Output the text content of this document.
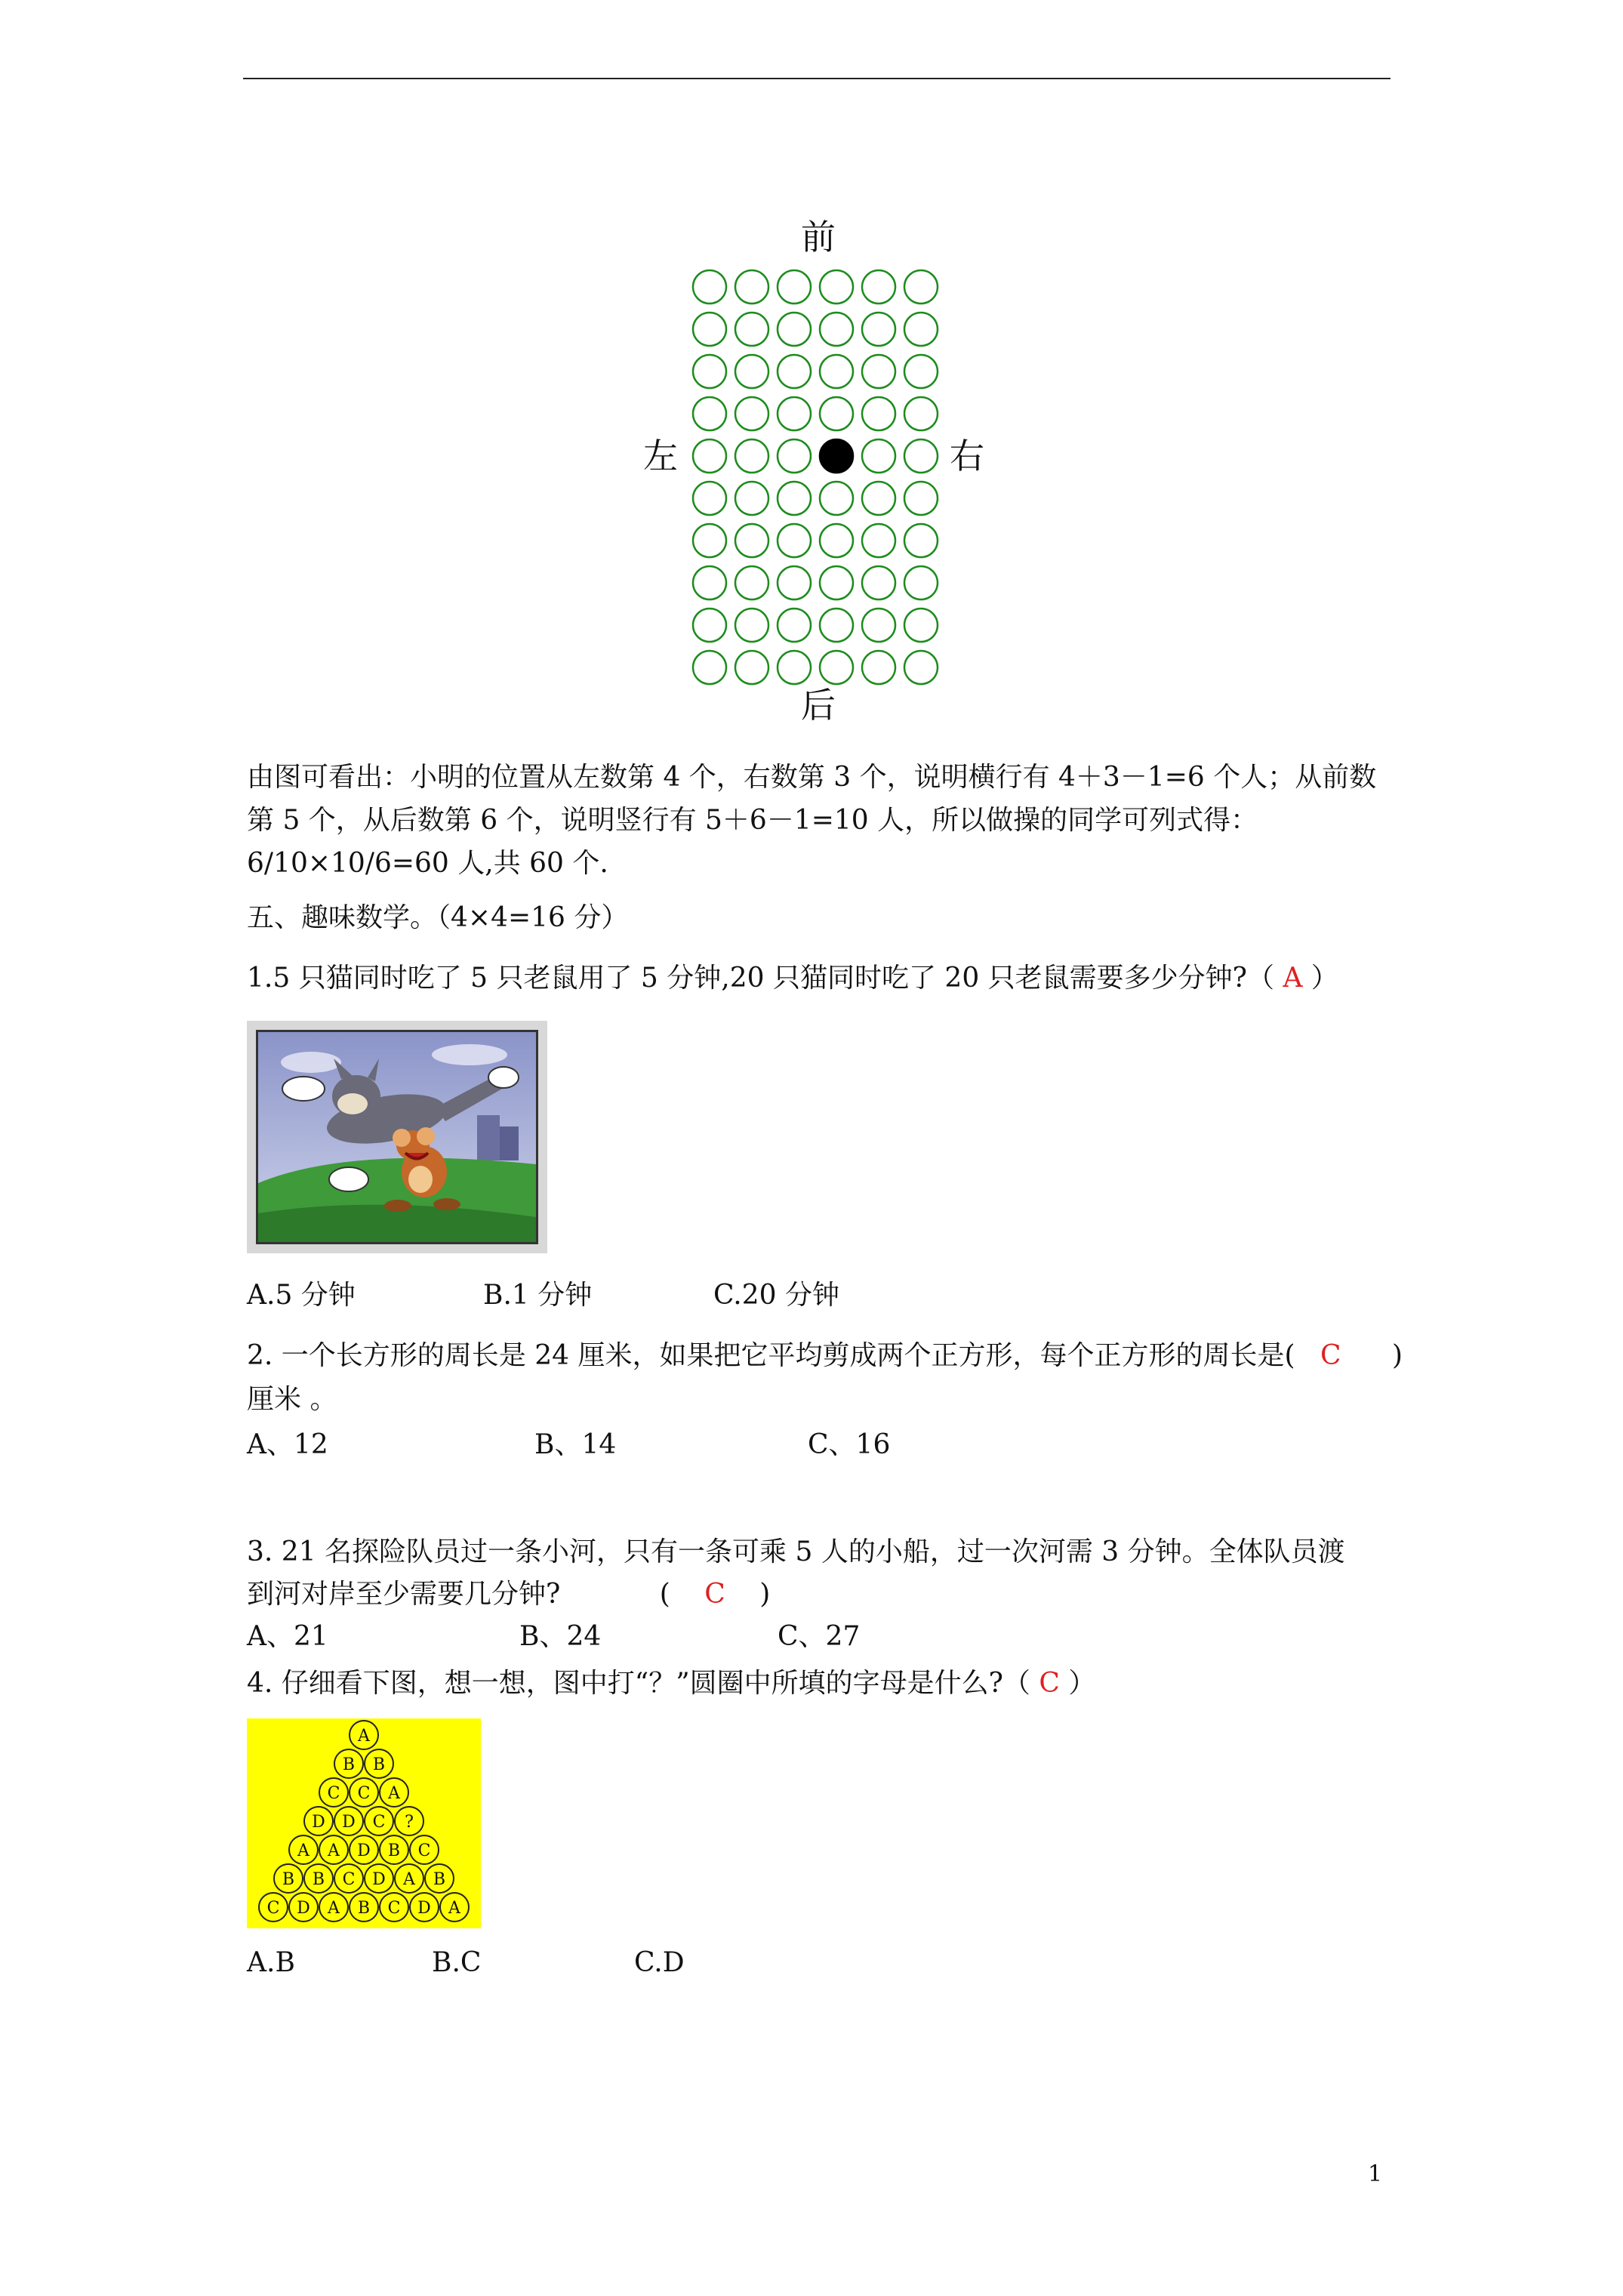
前
左	右
后
由图可看出：小明的位置从左数第 4 个，右数第 3 个，说明横行有 4＋3－1=6 个人；从前数
第 5 个，从后数第 6 个，说明竖行有 5＋6－1=10 人，所以做操的同学可列式得：
6/10×10/6=60 人,共 60 个.
五、趣味数学。（4×4=16 分）
1.5 只猫同时吃了 5 只老鼠用了 5 分钟,20 只猫同时吃了 20 只老鼠需要多少分钟?（ A ）
A.5 分钟	B.1 分钟	C.20 分钟
2. 一个长方形的周长是 24 厘米，如果把它平均剪成两个正方形，每个正方形的周长是( C )
厘米 。
A、12	B、14	C、16
3. 21 名探险队员过一条小河，只有一条可乘 5 人的小船，过一次河需 3 分钟。全体队员渡
到河对岸至少需要几分钟?	( C )
A、21	B、24	C、27
4. 仔细看下图，想一想，图中打“？”圆圈中所填的字母是什么?（ C ）
A
B B
C C A
D D C ?
A A D B C
B B C D A B
C D A B C D A
A.B	B.C	C.D
1
